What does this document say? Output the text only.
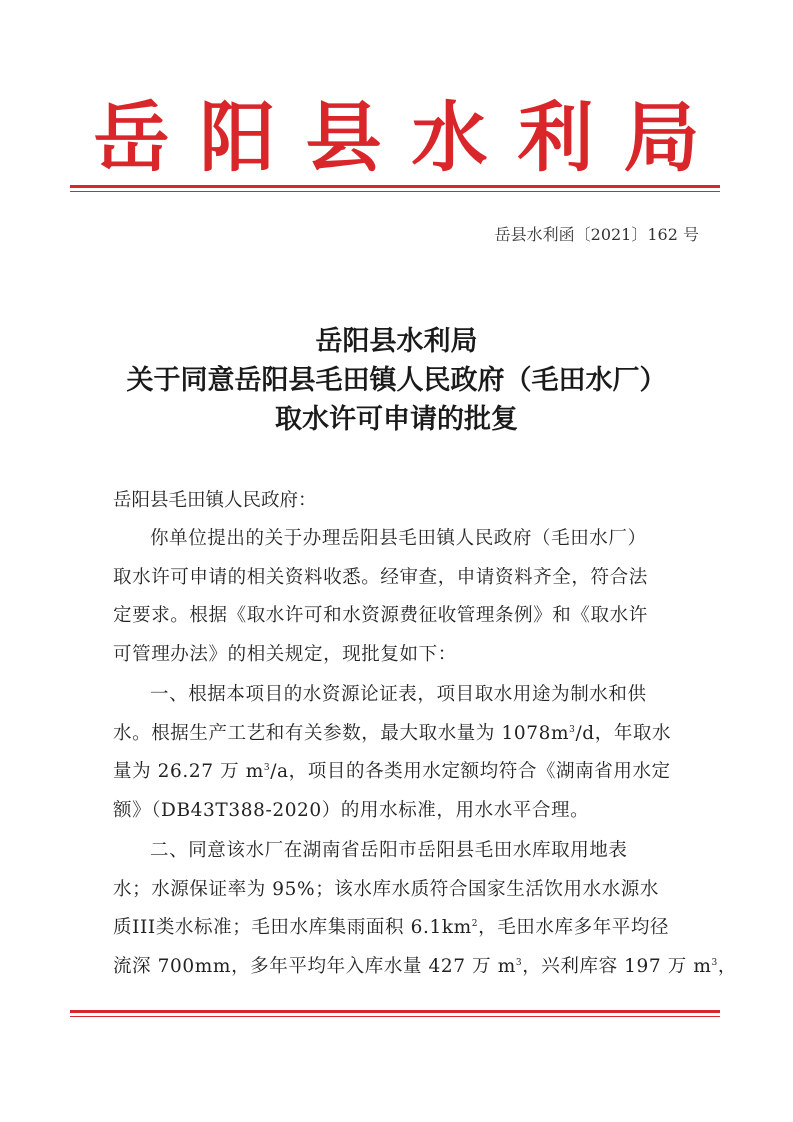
岳阳县水利局
岳县水利函〔2021〕162 号
岳阳县水利局
关于同意岳阳县毛田镇人民政府（毛田水厂）
取水许可申请的批复
岳阳县毛田镇人民政府：
你单位提出的关于办理岳阳县毛田镇人民政府（毛田水厂）
取水许可申请的相关资料收悉。经审查，申请资料齐全，符合法
定要求。根据《取水许可和水资源费征收管理条例》和《取水许
可管理办法》的相关规定，现批复如下：
一、根据本项目的水资源论证表，项目取水用途为制水和供
水。根据生产工艺和有关参数，最大取水量为 $1078m^3/d$，年取水
量为 26.27 万 $m^3/a$，项目的各类用水定额均符合《湖南省用水定
额》（DB43T388-2020）的用水标准，用水水平合理。
二、同意该水厂在湖南省岳阳市岳阳县毛田水库取用地表
水；水源保证率为 95%；该水库水质符合国家生活饮用水水源水
质III类水标准；毛田水库集雨面积 $6.1km^2$，毛田水库多年平均径
流深 700mm，多年平均年入库水量 427 万 $m^3$，兴利库容 197 万 $m^3$，
